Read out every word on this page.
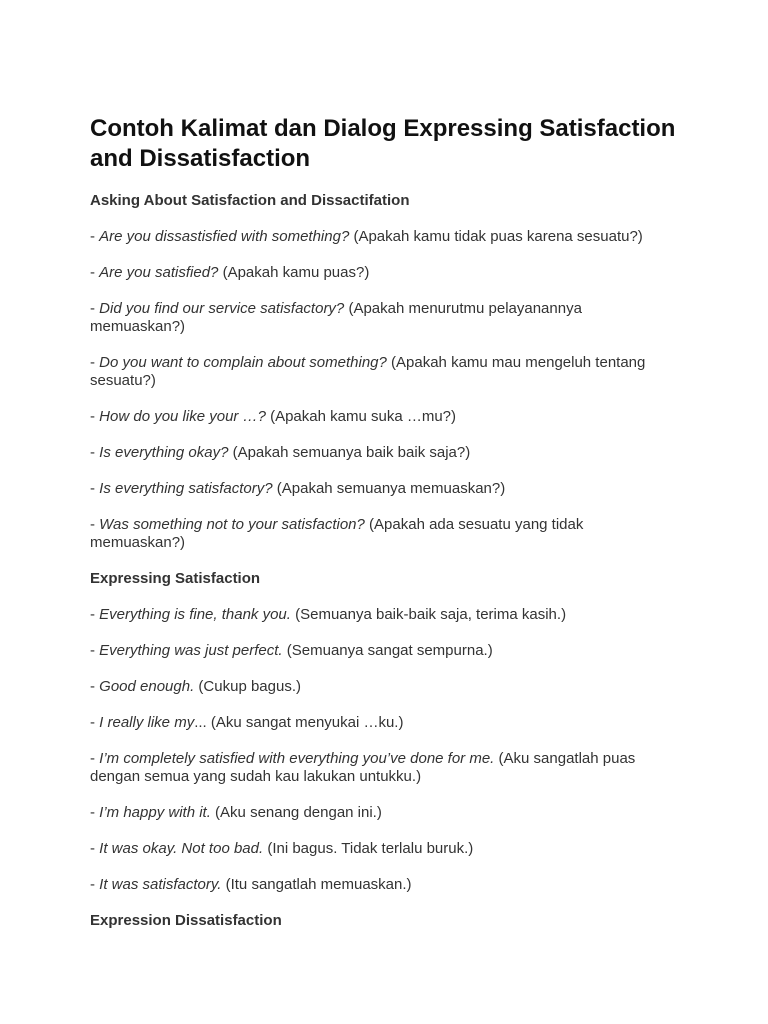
Contoh Kalimat dan Dialog Expressing Satisfaction and Dissatisfaction
Asking About Satisfaction and Dissactifation

- Are you dissastisfied with something? (Apakah kamu tidak puas karena sesuatu?)

- Are you satisfied? (Apakah kamu puas?)

- Did you find our service satisfactory? (Apakah menurutmu pelayanannya memuaskan?)

- Do you want to complain about something? (Apakah kamu mau mengeluh tentang sesuatu?)

- How do you like your …? (Apakah kamu suka …mu?)

- Is everything okay? (Apakah semuanya baik baik saja?)

- Is everything satisfactory? (Apakah semuanya memuaskan?)

- Was something not to your satisfaction? (Apakah ada sesuatu yang tidak memuaskan?)

Expressing Satisfaction

- Everything is fine, thank you. (Semuanya baik-baik saja, terima kasih.)

- Everything was just perfect. (Semuanya sangat sempurna.)

- Good enough. (Cukup bagus.)

- I really like my... (Aku sangat menyukai …ku.)

- I’m completely satisfied with everything you’ve done for me. (Aku sangatlah puas dengan semua yang sudah kau lakukan untukku.)

- I’m happy with it. (Aku senang dengan ini.)

- It was okay. Not too bad. (Ini bagus. Tidak terlalu buruk.)

- It was satisfactory. (Itu sangatlah memuaskan.)

Expression Dissatisfaction
